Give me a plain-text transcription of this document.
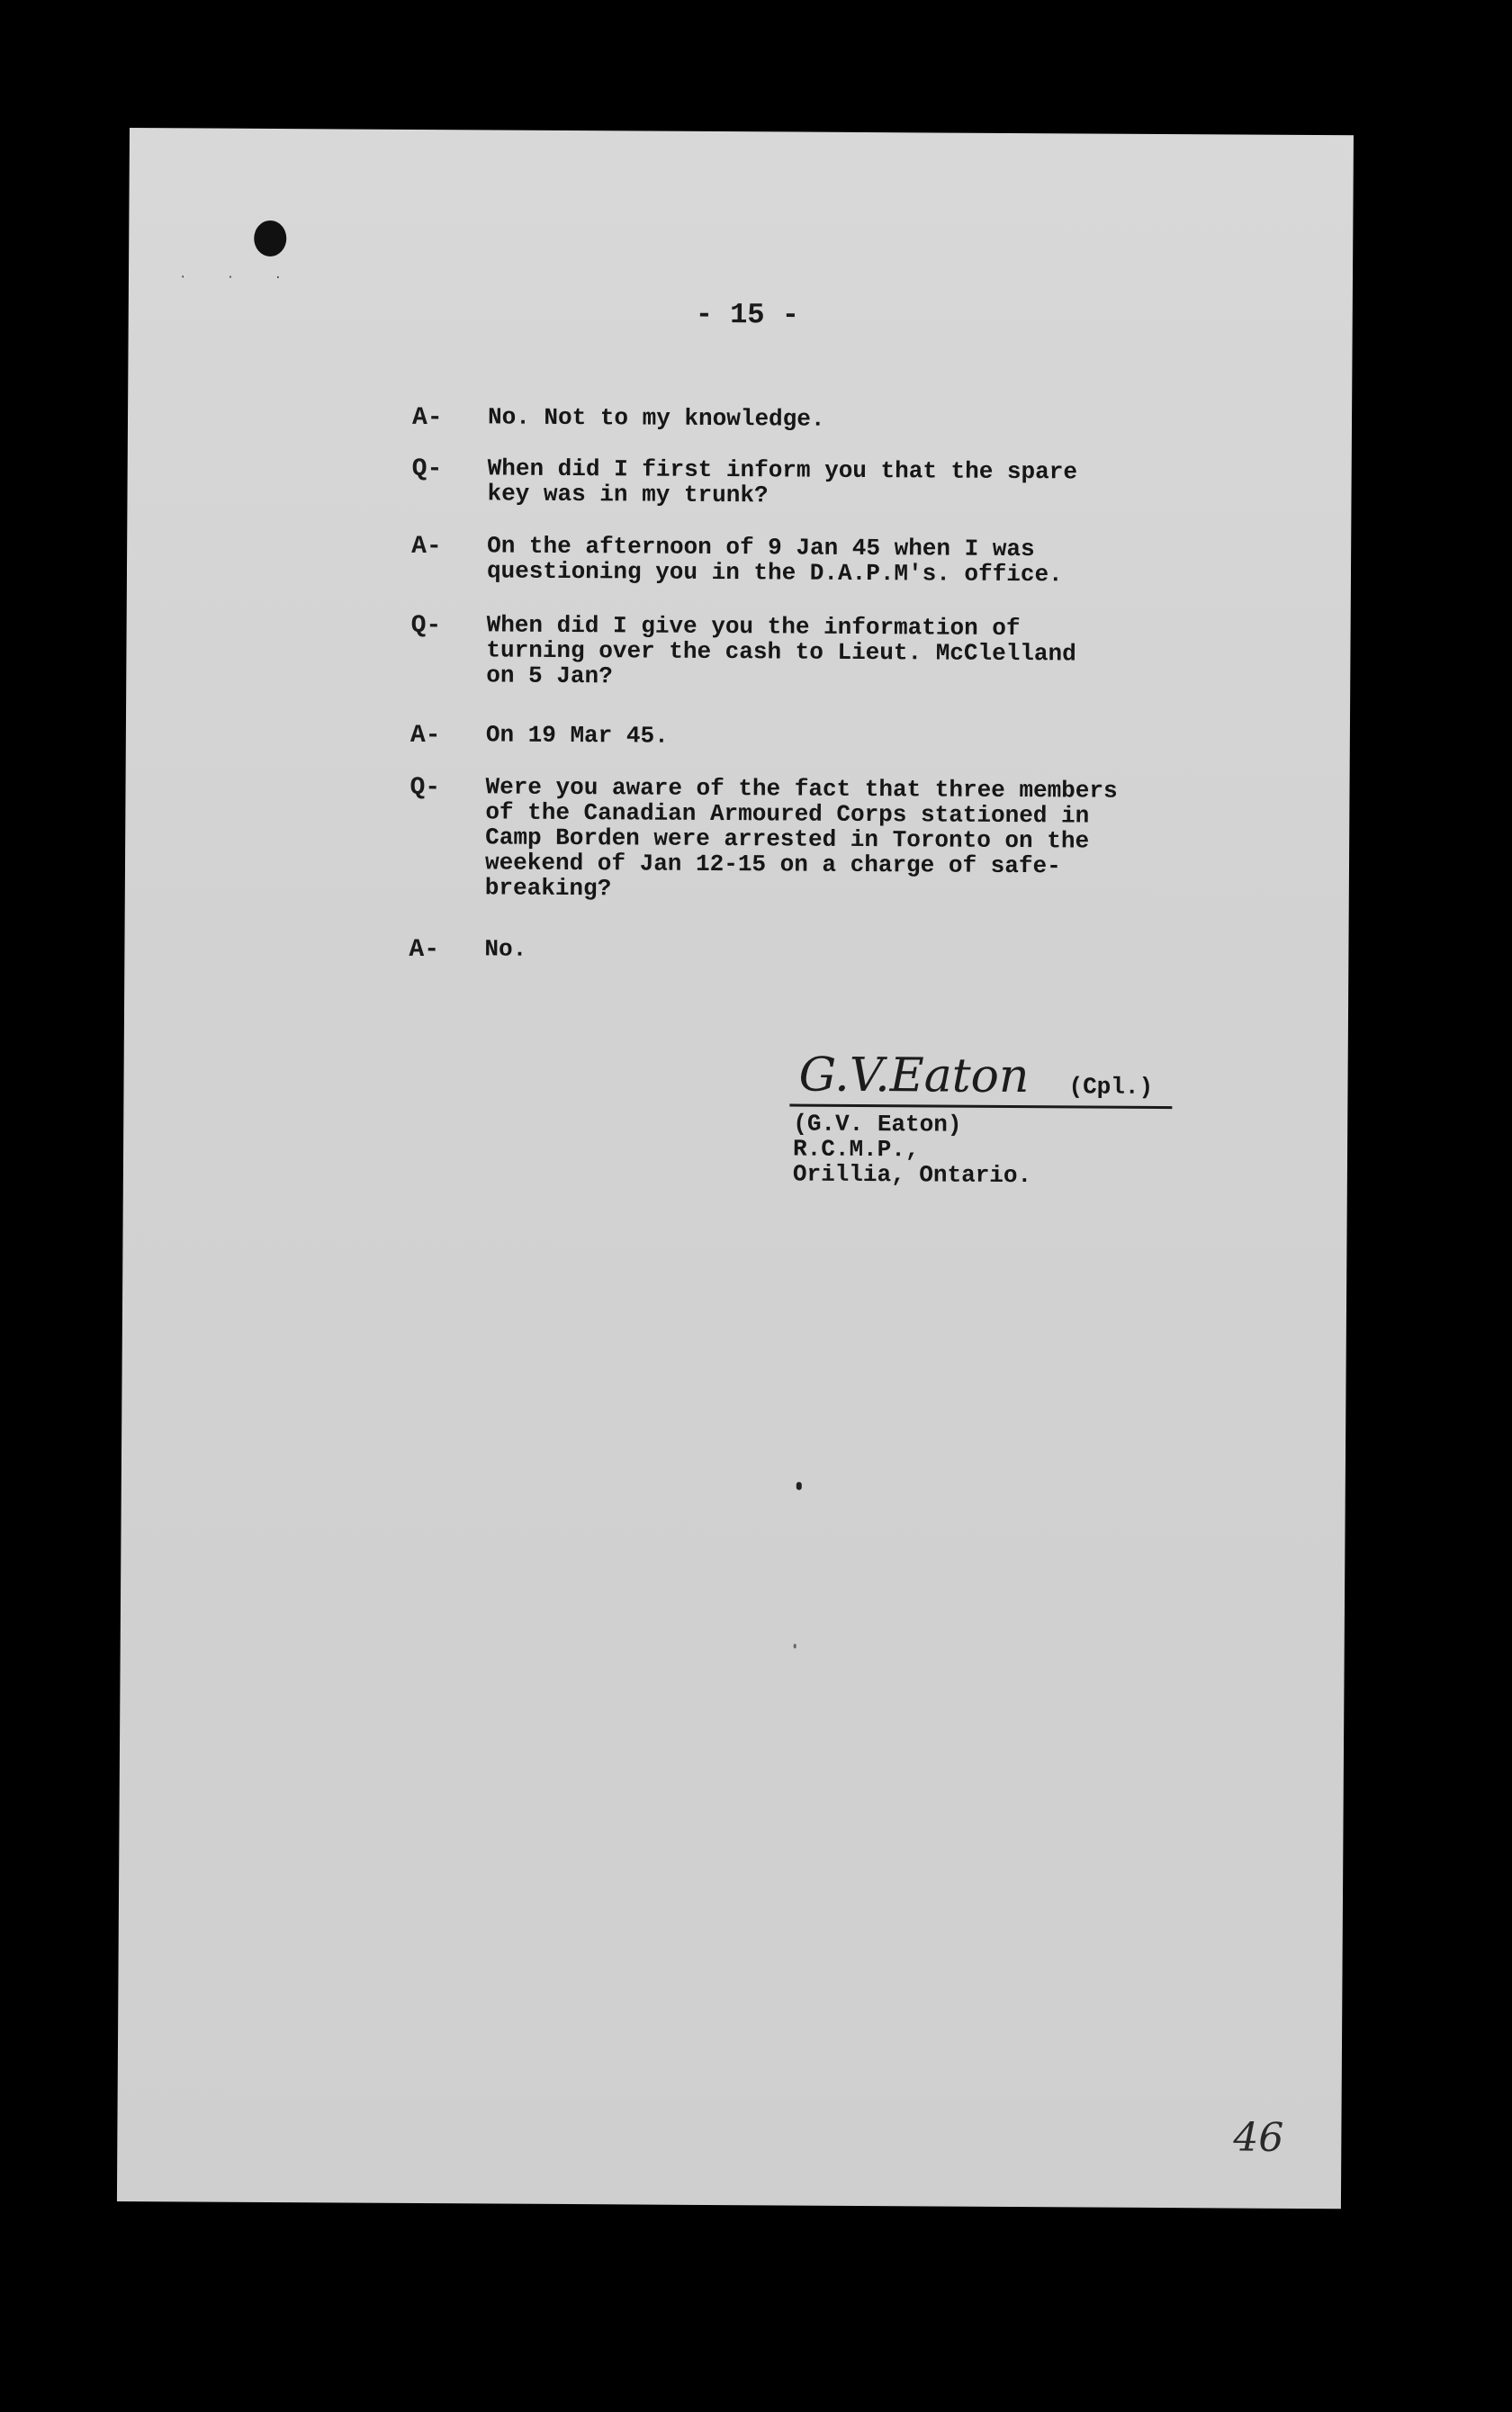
. . .
- 15 -
A- No. Not to my knowledge.
Q- When did I first inform you that the spare
key was in my trunk?
A- On the afternoon of 9 Jan 45 when I was
questioning you in the D.A.P.M's. office.
Q- When did I give you the information of
turning over the cash to Lieut. McClelland
on 5 Jan?
A- On 19 Mar 45.
Q- Were you aware of the fact that three members
of the Canadian Armoured Corps stationed in
Camp Borden were arrested in Toronto on the
weekend of Jan 12-15 on a charge of safe-
breaking?
A- No.
G.V.Eaton (Cpl.)
(G.V. Eaton)
R.C.M.P.,
Orillia, Ontario.
46
